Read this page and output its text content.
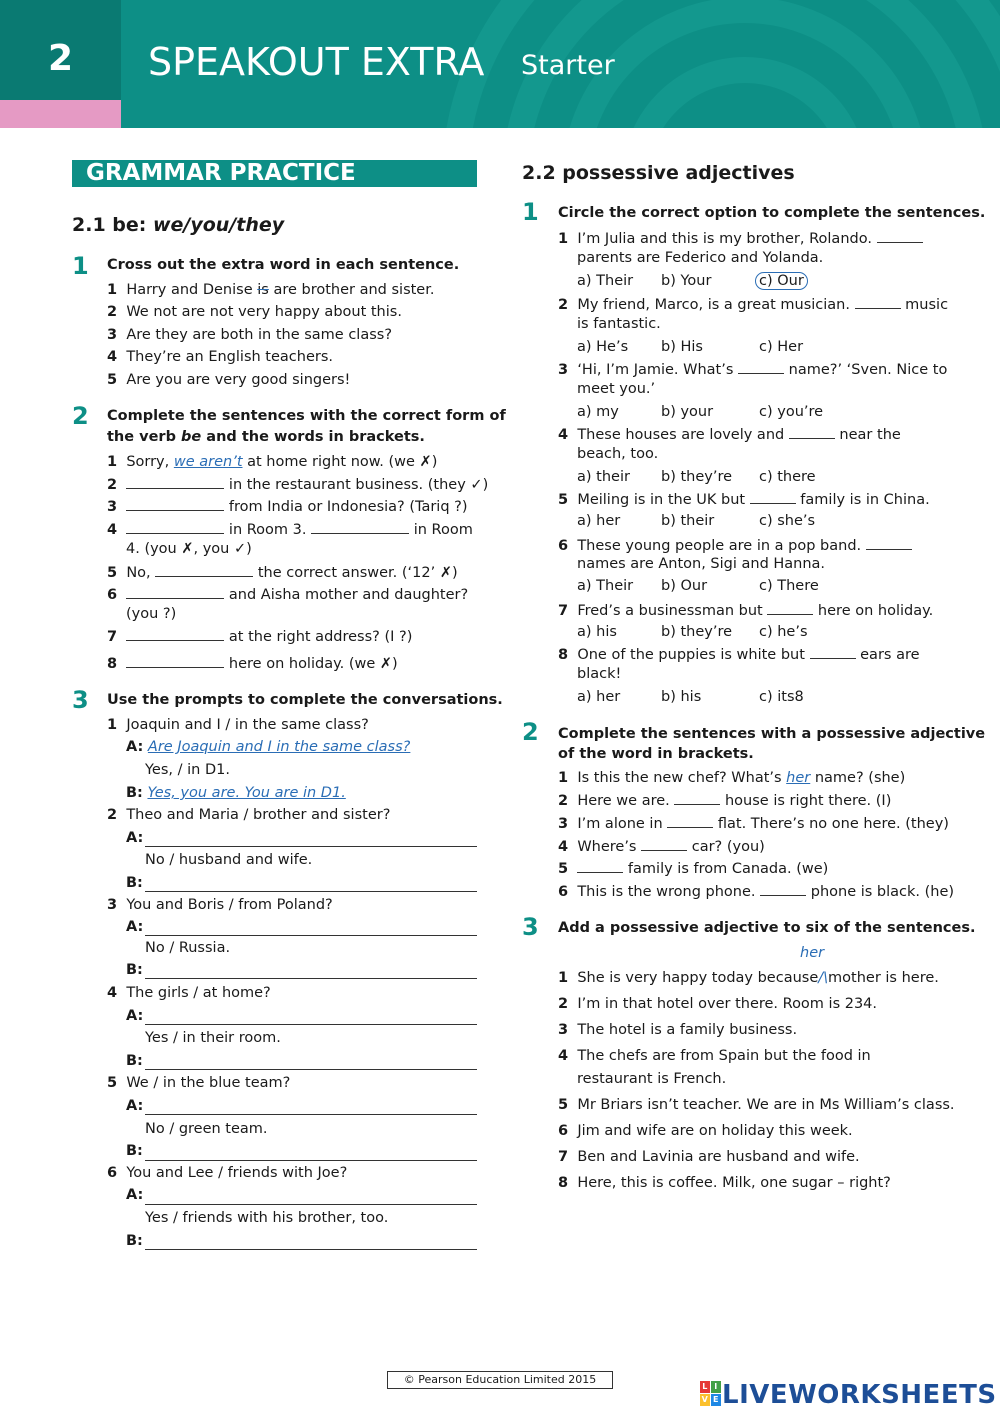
2	SPEAKOUT EXTRA Starter
GRAMMAR PRACTICE
2.1 be: we/you/they
1 Cross out the extra word in each sentence.
1 Harry and Denise is are brother and sister.
2 We not are not very happy about this.
3 Are they are both in the same class?
4 They’re an English teachers.
5 Are you are very good singers!
2 Complete the sentences with the correct form of
the verb be and the words in brackets.
1 Sorry, we aren’t at home right now. (we ✗)
2	in the restaurant business. (they ✓)
3	from India or Indonesia? (Tariq ?)
4	in Room 3.	in Room
4. (you ✗, you ✓)
5 No,	the correct answer. (‘12’ ✗)
6	and Aisha mother and daughter?
(you ?)
7	at the right address? (I ?)
8	here on holiday. (we ✗)
3 Use the prompts to complete the conversations.
1 Joaquin and I / in the same class?
A: Are Joaquin and I in the same class?
Yes, / in D1.
B: Yes, you are. You are in D1.
2 Theo and Maria / brother and sister?
A:
No / husband and wife.
B:
3 You and Boris / from Poland?
A:
No / Russia.
B:
4 The girls / at home?
A:
Yes / in their room.
B:
5 We / in the blue team?
A:
No / green team.
B:
6 You and Lee / friends with Joe?
A:
Yes / friends with his brother, too.
B:
2.2 possessive adjectives
1 Circle the correct option to complete the sentences.
1 I’m Julia and this is my brother, Rolando.
parents are Federico and Yolanda.
a) Their b) Your	c) Our
2 My friend, Marco, is a great musician.	music
is fantastic.
a) He’s b) His	c) Her
3 ‘Hi, I’m Jamie. What’s	name?’ ‘Sven. Nice to
meet you.’
a) my	b) your	c) you’re
4 These houses are lovely and	near the
beach, too.
a) their b) they’re c) there
5 Meiling is in the UK but	family is in China.
a) her	b) their	c) she’s
6 These young people are in a pop band.
names are Anton, Sigi and Hanna.
a) Their b) Our	c) There
7 Fred’s a businessman but	here on holiday.
a) his	b) they’re c) he’s
8 One of the puppies is white but	ears are
black!
a) her	b) his	c) its8
2 Complete the sentences with a possessive adjective
of the word in brackets.
1 Is this the new chef? What’s her name? (she)
2 Here we are.	house is right there. (I)
3 I’m alone in	flat. There’s no one here. (they)
4 Where’s	car? (you)
5	family is from Canada. (we)
6 This is the wrong phone.	phone is black. (he)
3 Add a possessive adjective to six of the sentences.
her
1 She is very happy today because/\mother is here.
2 I’m in that hotel over there. Room is 234.
3 The hotel is a family business.
4 The chefs are from Spain but the food in
restaurant is French.
5 Mr Briars isn’t teacher. We are in Ms William’s class.
6 Jim and wife are on holiday this week.
7 Ben and Lavinia are husband and wife.
8 Here, this is coffee. Milk, one sugar – right?
© Pearson Education Limited 2015
L I
V E LIVEWORKSHEETS
